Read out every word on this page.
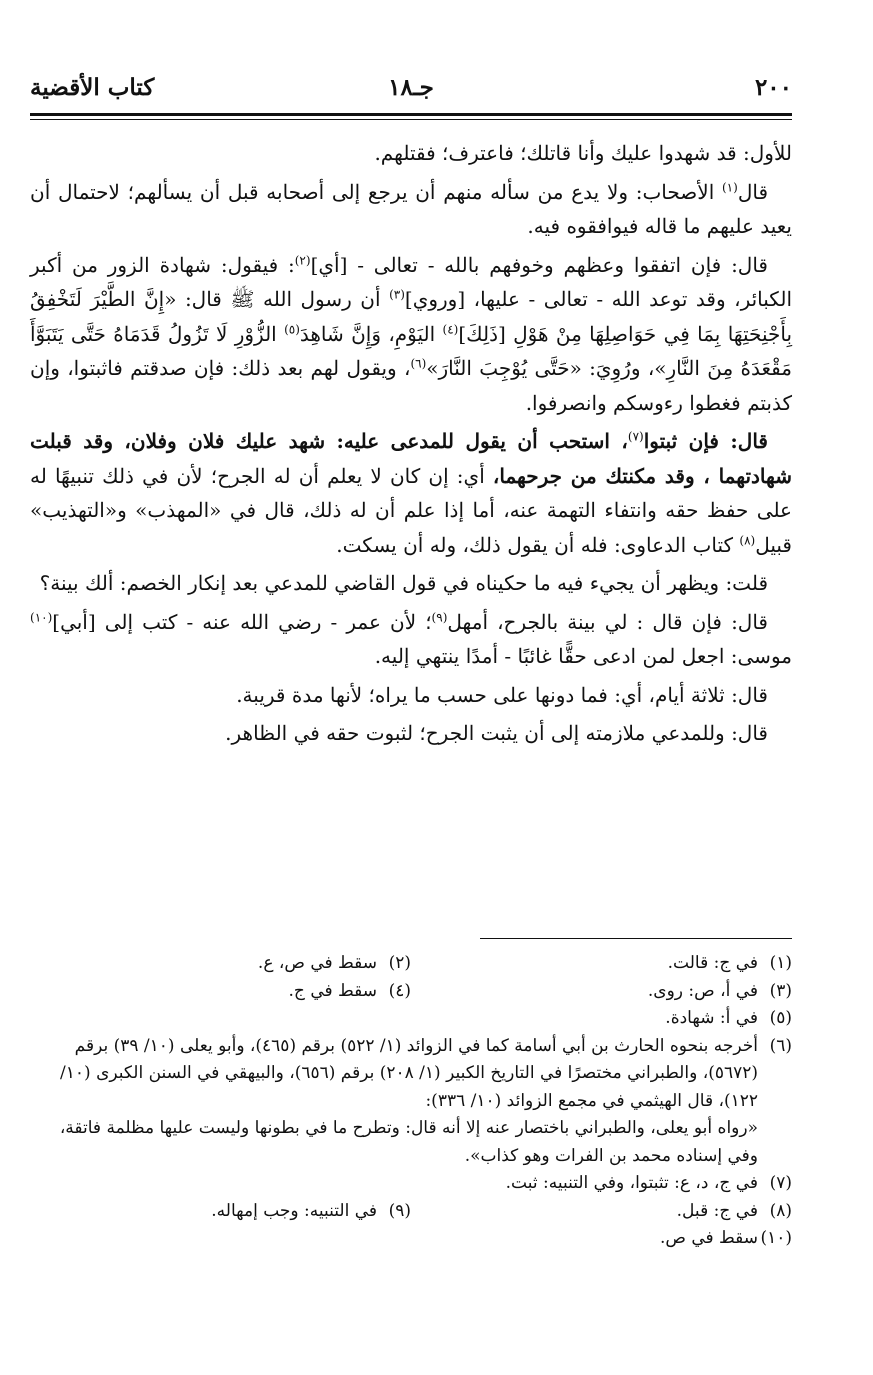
٢٠٠
جـ١٨
كتاب الأقضية

للأول: قد شهدوا عليك وأنا قاتلك؛ فاعترف؛ فقتلهم.

قال$^{(١)}$ الأصحاب: ولا يدع من سأله منهم أن يرجع إلى أصحابه قبل أن يسألهم؛ لاحتمال أن يعيد عليهم ما قاله فيوافقوه فيه.

قال: فإن اتفقوا وعظهم وخوفهم بالله - تعالى - [أي]$^{(٢)}$: فيقول: شهادة الزور من أكبر الكبائر، وقد توعد الله - تعالى - عليها، [وروي]$^{(٣)}$ أن رسول الله ﷺ قال: «إِنَّ الطَّيْرَ لَتَخْفِقُ بِأَجْنِحَتِهَا بِمَا فِي حَوَاصِلِهَا مِنْ هَوْلِ [ذَلِكَ]$^{(٤)}$ اليَوْمِ، وَإِنَّ شَاهِدَ$^{(٥)}$ الزُّوْرِ لَا تَزُولُ قَدَمَاهُ حَتَّى يَتَبَوَّأَ مَقْعَدَهُ مِنَ النَّارِ»، ورُوِيَ: «حَتَّى يُوْجِبَ النَّارَ»$^{(٦)}$، ويقول لهم بعد ذلك: فإن صدقتم فاثبتوا، وإن كذبتم فغطوا رءوسكم وانصرفوا.

قال: فإن ثبتوا$^{(٧)}$، استحب أن يقول للمدعى عليه: شهد عليك فلان وفلان، وقد قبلت شهادتهما ، وقد مكنتك من جرحهما، أي: إن كان لا يعلم أن له الجرح؛ لأن في ذلك تنبيهًا له على حفظ حقه وانتفاء التهمة عنه، أما إذا علم أن له ذلك، قال في «المهذب» و«التهذيب» قبيل$^{(٨)}$ كتاب الدعاوى: فله أن يقول ذلك، وله أن يسكت.

قلت: ويظهر أن يجيء فيه ما حكيناه في قول القاضي للمدعي بعد إنكار الخصم: ألك بينة؟

قال: فإن قال : لي بينة بالجرح، أمهل$^{(٩)}$؛ لأن عمر - رضي الله عنه - كتب إلى [أبي]$^{(١٠)}$ موسى: اجعل لمن ادعى حقًّا غائبًا - أمدًا ينتهي إليه.

قال: ثلاثة أيام، أي: فما دونها على حسب ما يراه؛ لأنها مدة قريبة.

قال: وللمدعي ملازمته إلى أن يثبت الجرح؛ لثبوت حقه في الظاهر.

(١)
في ج: قالت.
(٢)
سقط في ص، ع.
(٣)
في أ، ص: روى.
(٤)
سقط في ج.
(٥)
في أ: شهادة.
(٦)
أخرجه بنحوه الحارث بن أبي أسامة كما في الزوائد (١/ ٥٢٢) برقم (٤٦٥)، وأبو يعلى (١٠/ ٣٩) برقم (٥٦٧٢)، والطبراني مختصرًا في التاريخ الكبير (١/ ٢٠٨) برقم (٦٥٦)، والبيهقي في السنن الكبرى (١٠/ ١٢٢)، قال الهيثمي في مجمع الزوائد (١٠/ ٣٣٦):
«رواه أبو يعلى، والطبراني باختصار عنه إلا أنه قال: وتطرح ما في بطونها وليست عليها مظلمة فاتقة، وفي إسناده محمد بن الفرات وهو كذاب».
(٧)
في ج، د، ع: تثبتوا، وفي التنبيه: ثبت.
(٨)
في ج: قبل.
(٩)
في التنبيه: وجب إمهاله.
(١٠)
سقط في ص.
